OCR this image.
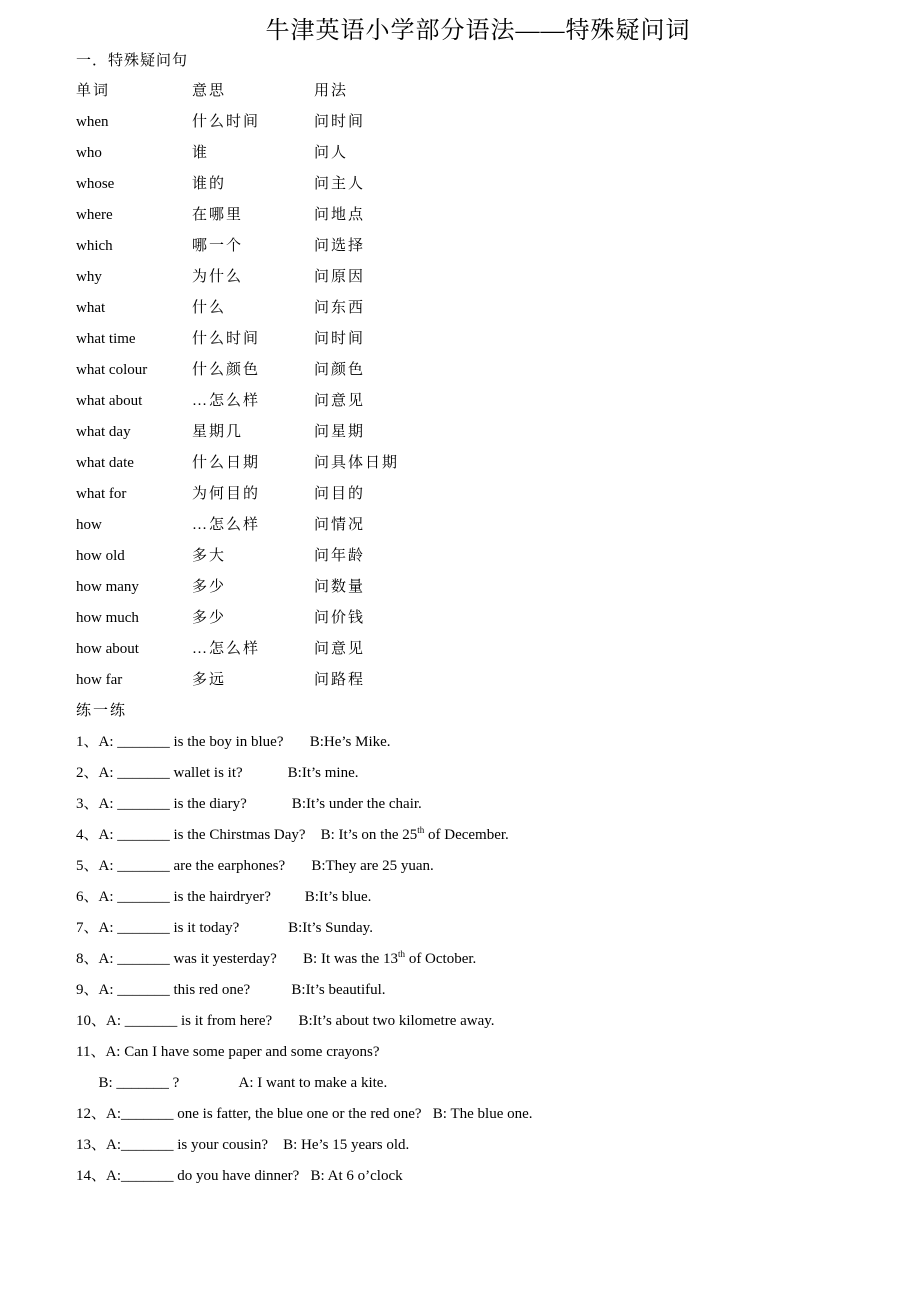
牛津英语小学部分语法——特殊疑问词
一．特殊疑问句
单词	意思	用法
when	什么时间	问时间
who	谁	问人
whose	谁的	问主人
where	在哪里	问地点
which	哪一个	问选择
why	为什么	问原因
what	什么	问东西
what time	什么时间	问时间
what colour	什么颜色	问颜色
what about	…怎么样	问意见
what day	星期几	问星期
what date	什么日期	问具体日期
what for	为何目的	问目的
how	…怎么样	问情况
how old	多大	问年龄
how many	多少	问数量
how much	多少	问价钱
how about	…怎么样	问意见
how far	多远	问路程
练一练
1、A: _______ is the boy in blue?       B:He’s Mike.
2、A: _______ wallet is it?            B:It’s mine.
3、A: _______ is the diary?            B:It’s under the chair.
4、A: _______ is the Chirstmas Day?    B: It’s on the 25th of December.
5、A: _______ are the earphones?       B:They are 25 yuan.
6、A: _______ is the hairdryer?         B:It’s blue.
7、A: _______ is it today?             B:It’s Sunday.
8、A: _______ was it yesterday?       B: It was the 13th of October.
9、A: _______ this red one?           B:It’s beautiful.
10、A: _______ is it from here?       B:It’s about two kilometre away.
11、A: Can I have some paper and some crayons?
B: _______ ?                A: I want to make a kite.
12、A:_______ one is fatter, the blue one or the red one?   B: The blue one.
13、A:_______ is your cousin?    B: He’s 15 years old.
14、A:_______ do you have dinner?   B: At 6 o’clock
